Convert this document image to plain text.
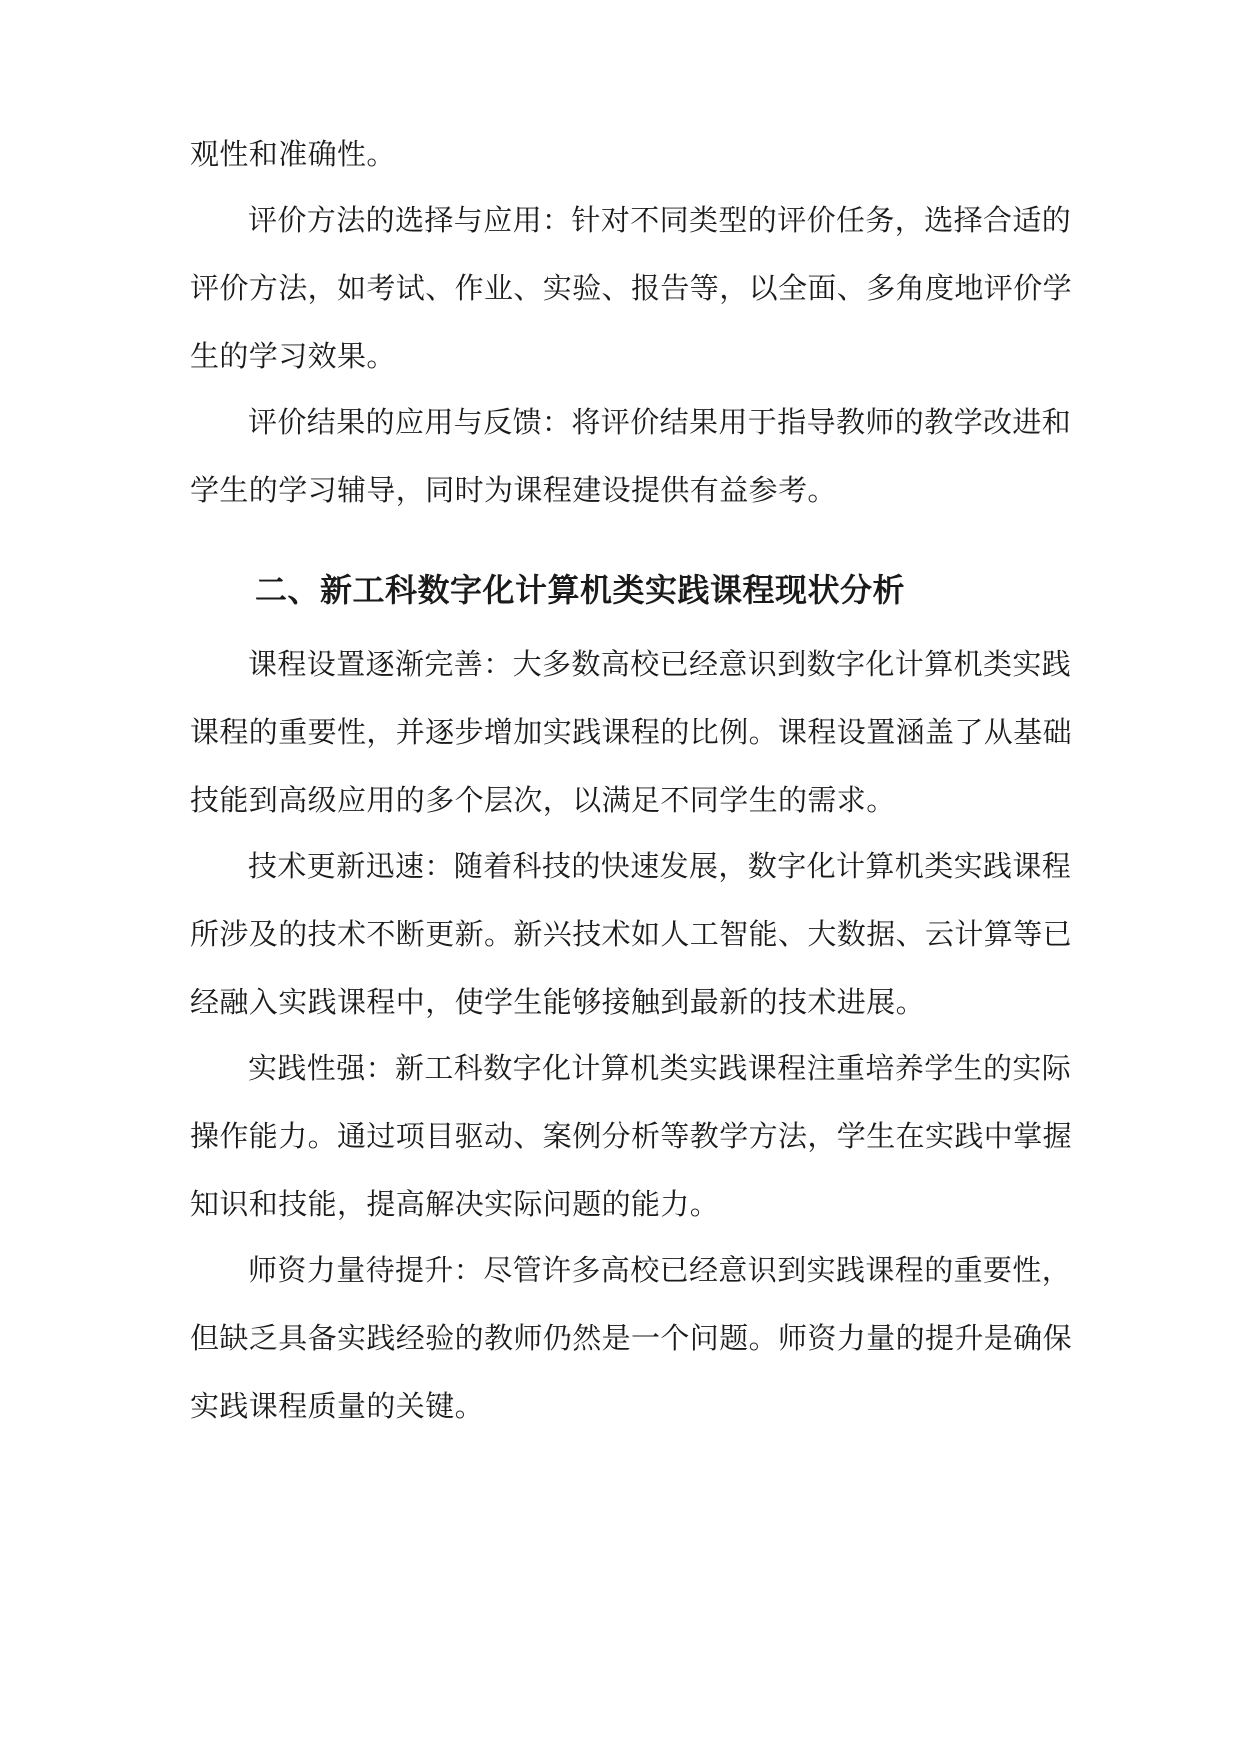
观性和准确性。
评价方法的选择与应用：针对不同类型的评价任务，选择合适的
评价方法，如考试、作业、实验、报告等，以全面、多角度地评价学
生的学习效果。
评价结果的应用与反馈：将评价结果用于指导教师的教学改进和
学生的学习辅导，同时为课程建设提供有益参考。
二、新工科数字化计算机类实践课程现状分析
课程设置逐渐完善：大多数高校已经意识到数字化计算机类实践
课程的重要性，并逐步增加实践课程的比例。课程设置涵盖了从基础
技能到高级应用的多个层次，以满足不同学生的需求。
技术更新迅速：随着科技的快速发展，数字化计算机类实践课程
所涉及的技术不断更新。新兴技术如人工智能、大数据、云计算等已
经融入实践课程中，使学生能够接触到最新的技术进展。
实践性强：新工科数字化计算机类实践课程注重培养学生的实际
操作能力。通过项目驱动、案例分析等教学方法，学生在实践中掌握
知识和技能，提高解决实际问题的能力。
师资力量待提升：尽管许多高校已经意识到实践课程的重要性，
但缺乏具备实践经验的教师仍然是一个问题。师资力量的提升是确保
实践课程质量的关键。
